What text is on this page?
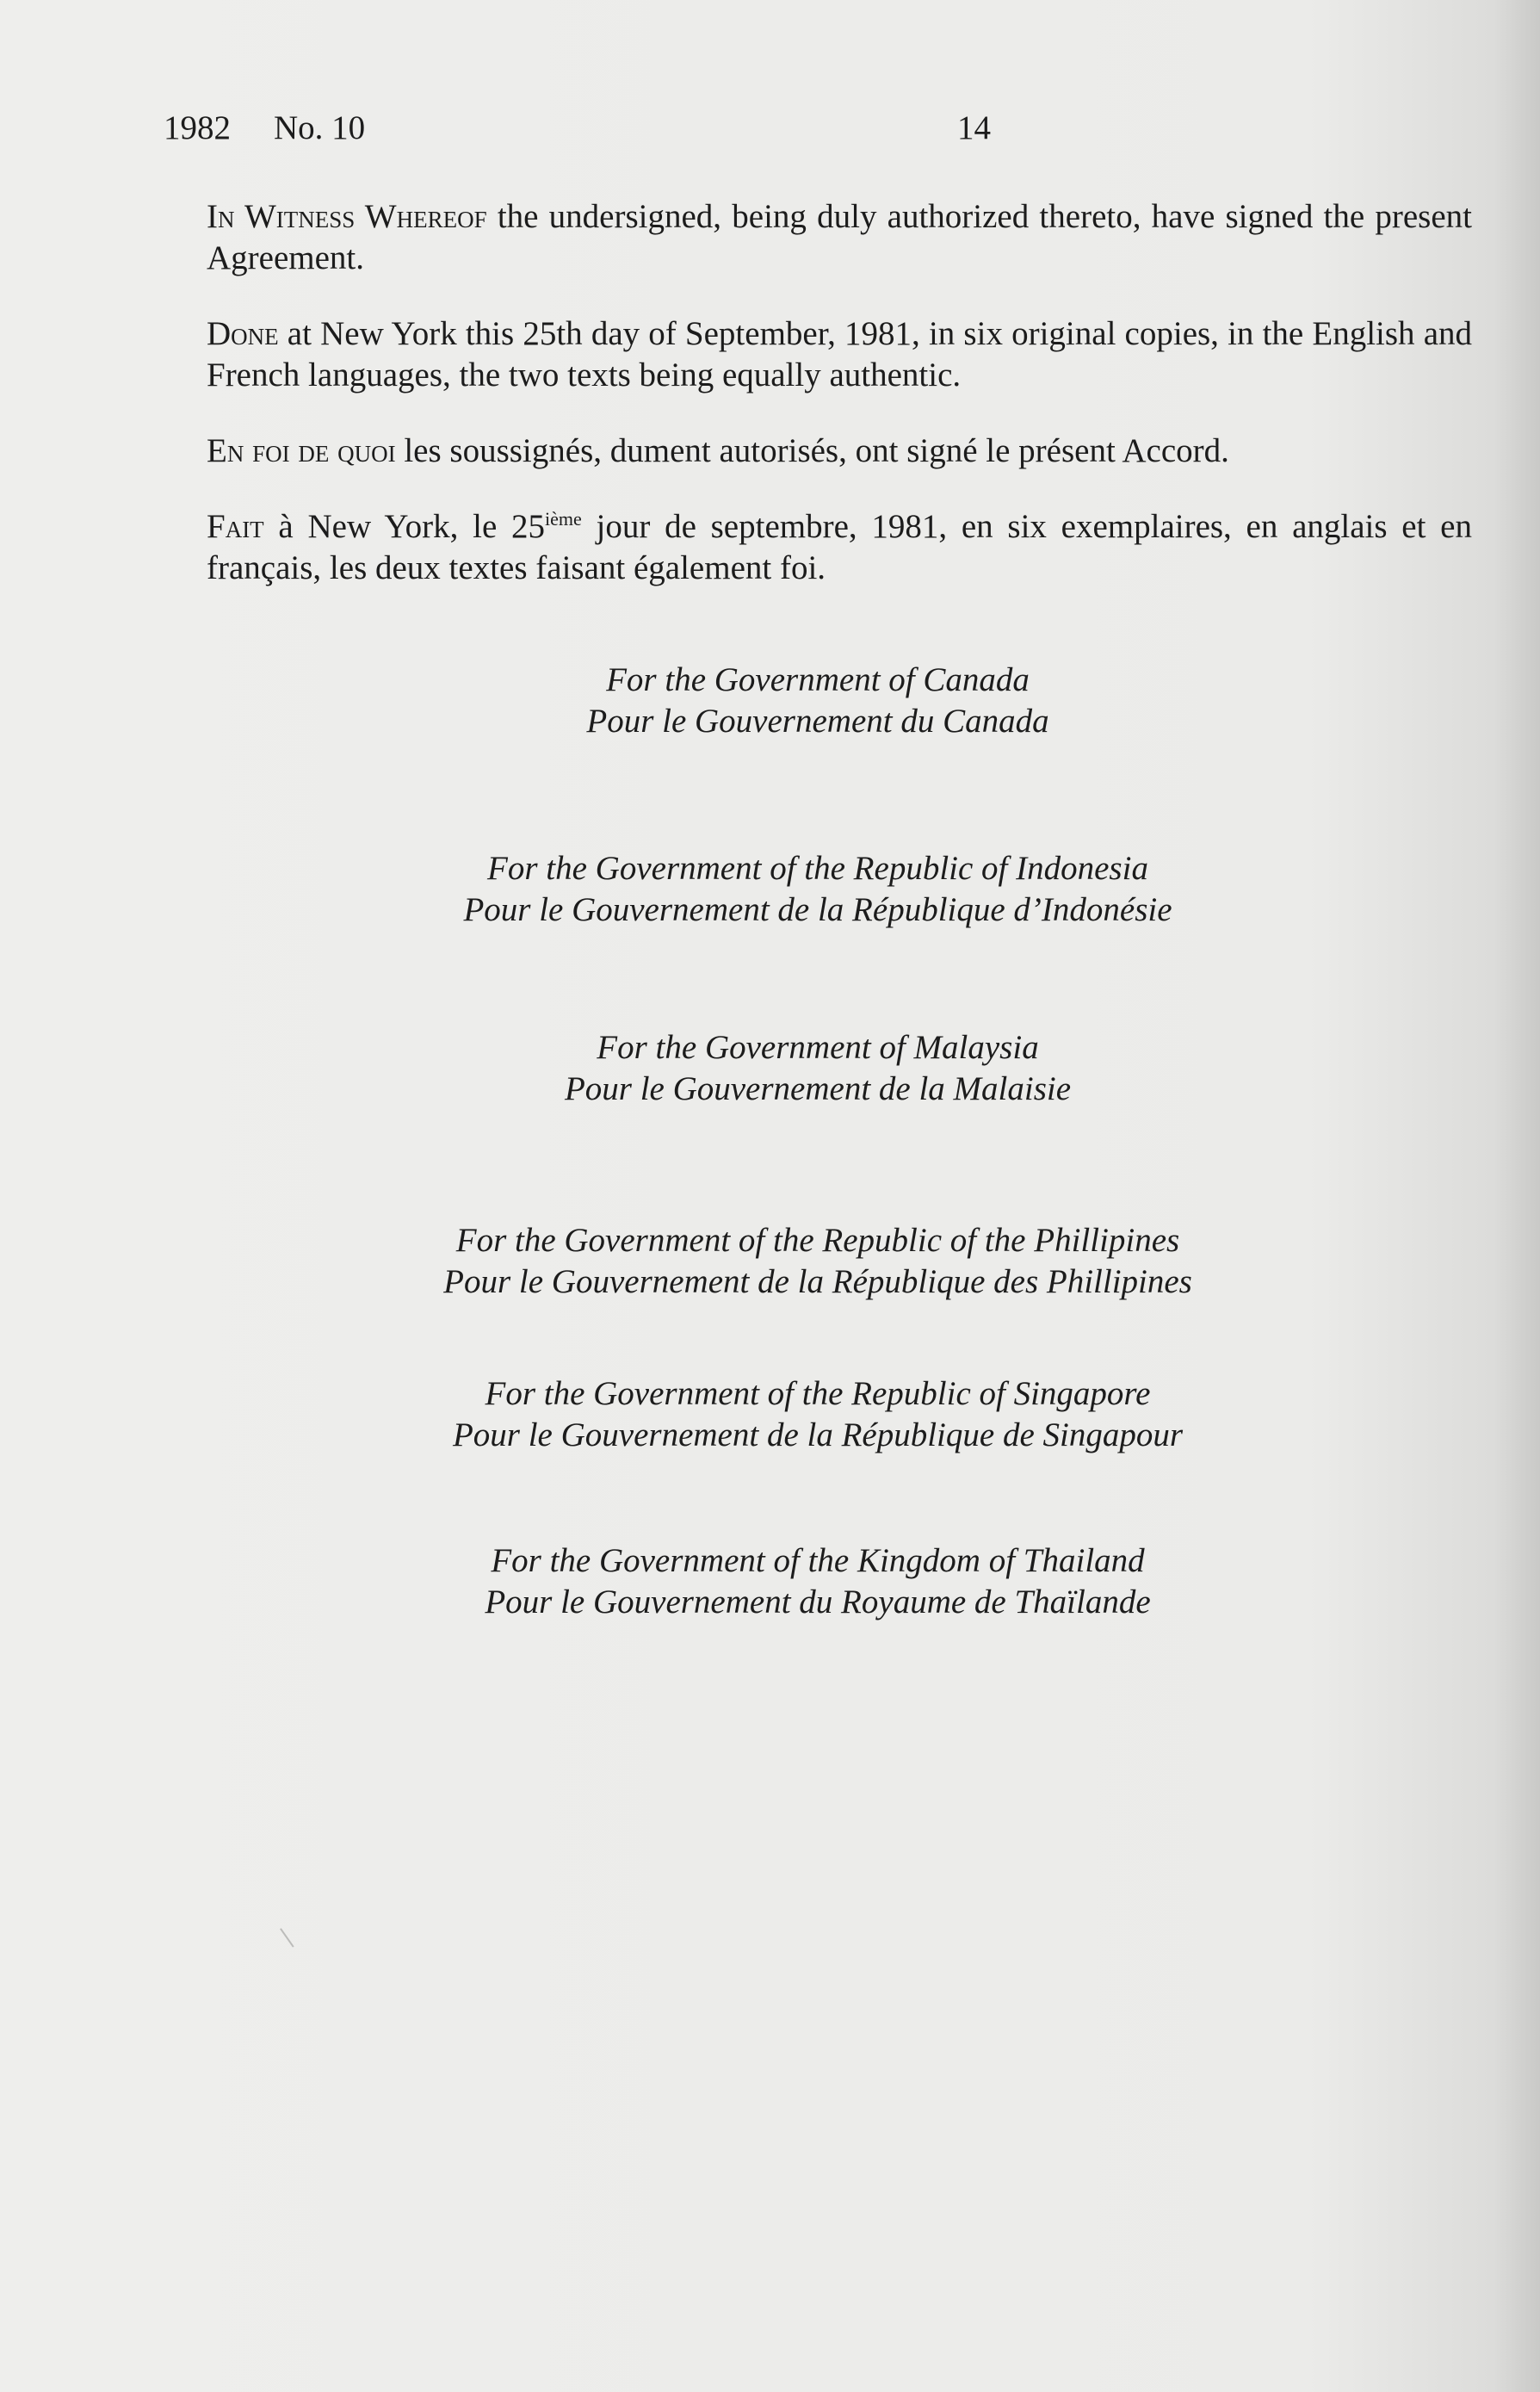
1982 No. 10	14

In Witness Whereof the undersigned, being duly authorized thereto, have signed the present Agreement.

Done at New York this 25th day of September, 1981, in six original copies, in the English and French languages, the two texts being equally authentic.

En foi de quoi les soussignés, dument autorisés, ont signé le présent Accord.

Fait à New York, le 25ième jour de septembre, 1981, en six exemplaires, en anglais et en français, les deux textes faisant également foi.

For the Government of Canada
Pour le Gouvernement du Canada
For the Government of the Republic of Indonesia
Pour le Gouvernement de la République d’Indonésie
For the Government of Malaysia
Pour le Gouvernement de la Malaisie
For the Government of the Republic of the Phillipines
Pour le Gouvernement de la République des Phillipines
For the Government of the Republic of Singapore
Pour le Gouvernement de la République de Singapour
For the Government of the Kingdom of Thailand
Pour le Gouvernement du Royaume de Thaïlande
